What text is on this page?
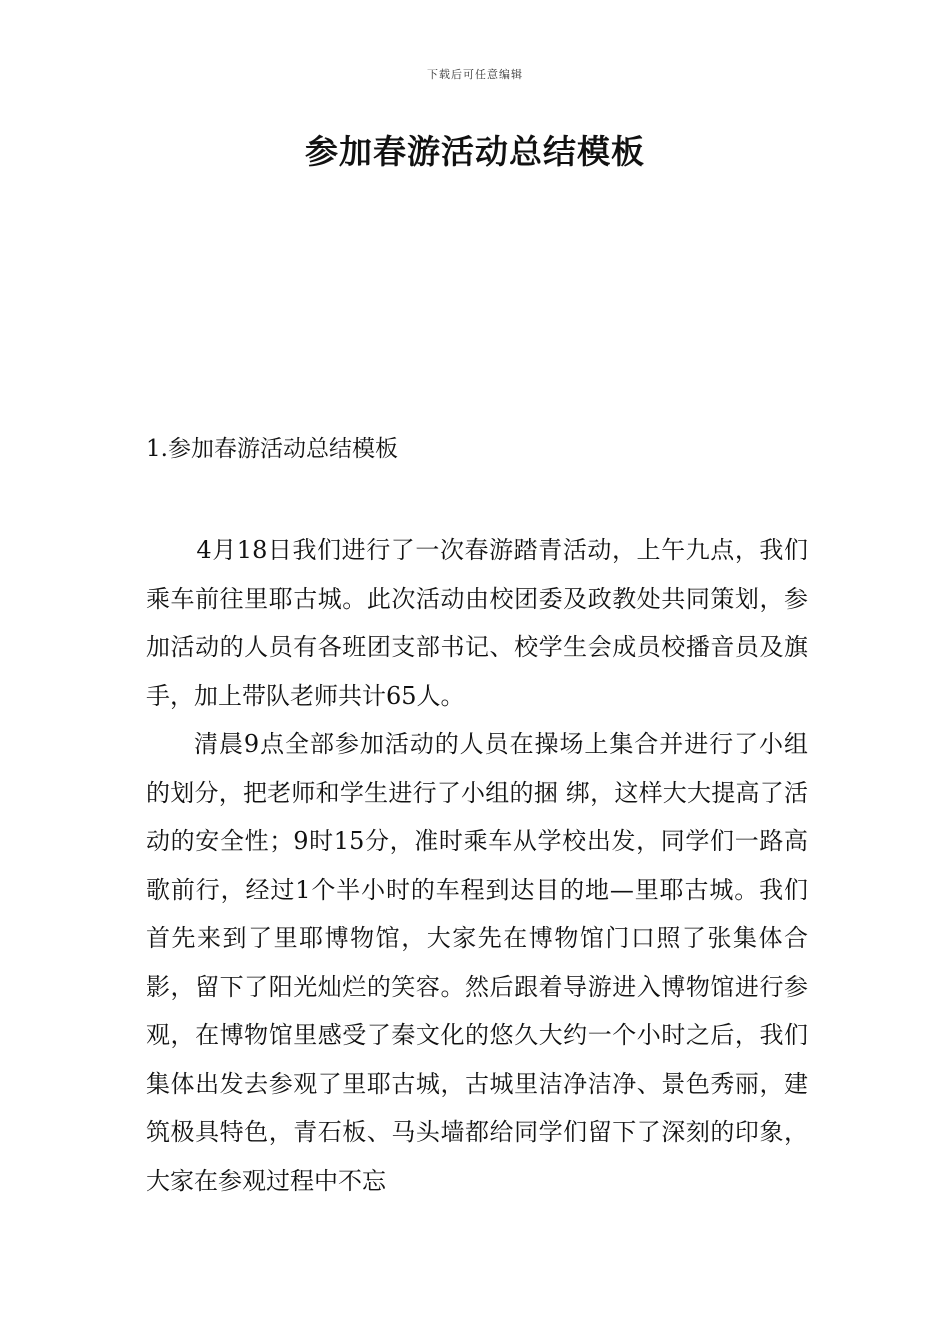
下载后可任意编辑
参加春游活动总结模板
1.参加春游活动总结模板

4月18日我们进行了一次春游踏青活动，上午九点，我们乘车前往里耶古城。此次活动由校团委及政教处共同策划，参加活动的人员有各班团支部书记、校学生会成员校播音员及旗手，加上带队老师共计65人。

清晨9点全部参加活动的人员在操场上集合并进行了小组的划分，把老师和学生进行了小组的捆 绑，这样大大提高了活动的安全性；9时15分，准时乘车从学校出发，同学们一路高歌前行，经过1个半小时的车程到达目的地—里耶古城。我们首先来到了里耶博物馆，大家先在博物馆门口照了张集体合影，留下了阳光灿烂的笑容。然后跟着导游进入博物馆进行参观，在博物馆里感受了秦文化的悠久大约一个小时之后，我们集体出发去参观了里耶古城，古城里洁净洁净、景色秀丽，建筑极具特色，青石板、马头墙都给同学们留下了深刻的印象，大家在参观过程中不忘
